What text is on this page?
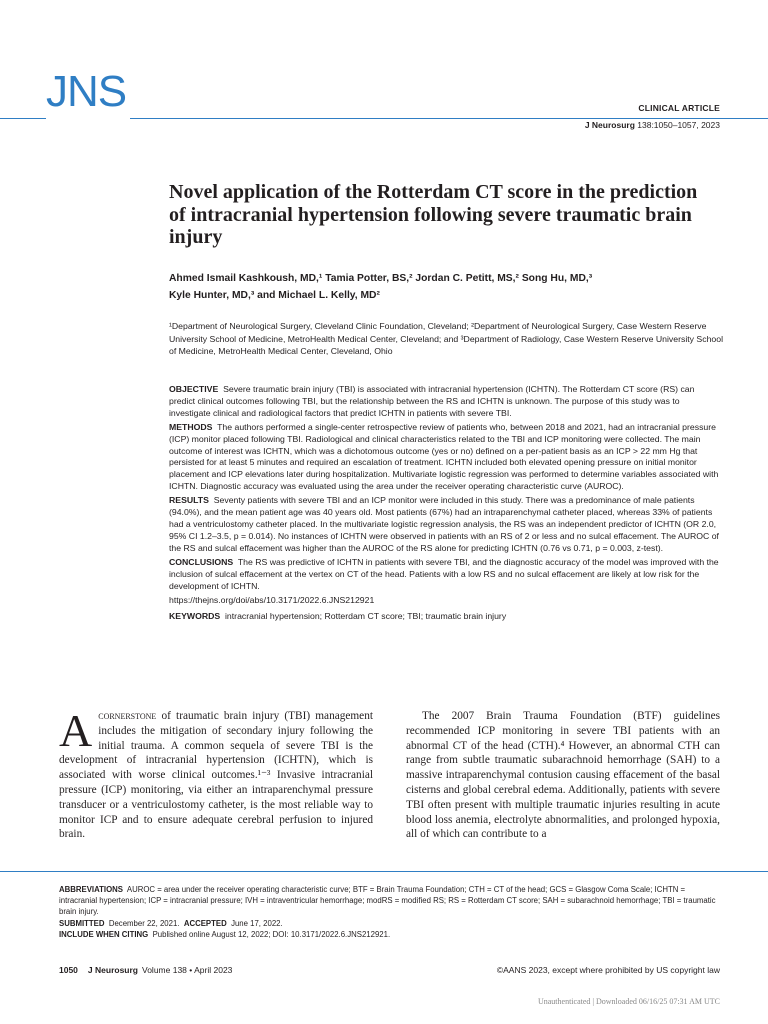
JNS	CLINICAL ARTICLE
J Neurosurg 138:1050–1057, 2023
Novel application of the Rotterdam CT score in the prediction of intracranial hypertension following severe traumatic brain injury
Ahmed Ismail Kashkoush, MD,¹ Tamia Potter, BS,² Jordan C. Petitt, MS,² Song Hu, MD,³
Kyle Hunter, MD,³ and Michael L. Kelly, MD²
¹Department of Neurological Surgery, Cleveland Clinic Foundation, Cleveland; ²Department of Neurological Surgery, Case Western Reserve University School of Medicine, MetroHealth Medical Center, Cleveland; and ³Department of Radiology, Case Western Reserve University School of Medicine, MetroHealth Medical Center, Cleveland, Ohio

OBJECTIVE Severe traumatic brain injury (TBI) is associated with intracranial hypertension (ICHTN). The Rotterdam CT score (RS) can predict clinical outcomes following TBI, but the relationship between the RS and ICHTN is unknown. The purpose of this study was to investigate clinical and radiological factors that predict ICHTN in patients with severe TBI.

METHODS The authors performed a single-center retrospective review of patients who, between 2018 and 2021, had an intracranial pressure (ICP) monitor placed following TBI. Radiological and clinical characteristics related to the TBI and ICP monitoring were collected. The main outcome of interest was ICHTN, which was a dichotomous outcome (yes or no) defined on a per-patient basis as an ICP > 22 mm Hg that persisted for at least 5 minutes and required an escalation of treatment. ICHTN included both elevated opening pressure on initial monitor placement and ICP elevations later during hospitalization. Multivariate logistic regression was performed to determine variables associated with ICHTN. Diagnostic accuracy was evaluated using the area under the receiver operating characteristic curve (AUROC).

RESULTS Seventy patients with severe TBI and an ICP monitor were included in this study. There was a predominance of male patients (94.0%), and the mean patient age was 40 years old. Most patients (67%) had an intraparenchymal catheter placed, whereas 33% of patients had a ventriculostomy catheter placed. In the multivariate logistic regression analysis, the RS was an independent predictor of ICHTN (OR 2.0, 95% CI 1.2–3.5, p = 0.014). No instances of ICHTN were observed in patients with an RS of 2 or less and no sulcal effacement. The AUROC of the RS and sulcal effacement was higher than the AUROC of the RS alone for predicting ICHTN (0.76 vs 0.71, p = 0.003, z-test).

CONCLUSIONS The RS was predictive of ICHTN in patients with severe TBI, and the diagnostic accuracy of the model was improved with the inclusion of sulcal effacement at the vertex on CT of the head. Patients with a low RS and no sulcal effacement are likely at low risk for the development of ICHTN.

https://thejns.org/doi/abs/10.3171/2022.6.JNS212921

KEYWORDS intracranial hypertension; Rotterdam CT score; TBI; traumatic brain injury

Acornerstone of traumatic brain injury (TBI) management includes the mitigation of secondary injury following the initial trauma. A common sequela of severe TBI is the development of intracranial hypertension (ICHTN), which is associated with worse clinical outcomes.¹⁻³ Invasive intracranial pressure (ICP) monitoring, via either an intraparenchymal pressure transducer or a ventriculostomy catheter, is the most reliable way to monitor ICP and to ensure adequate cerebral perfusion to injured brain.
The 2007 Brain Trauma Foundation (BTF) guidelines recommended ICP monitoring in severe TBI patients with an abnormal CT of the head (CTH).⁴ However, an abnormal CTH can range from subtle traumatic subarachnoid hemorrhage (SAH) to a massive intraparenchymal contusion causing effacement of the basal cisterns and global cerebral edema. Additionally, patients with severe TBI often present with multiple traumatic injuries resulting in acute blood loss anemia, electrolyte abnormalities, and prolonged hypoxia, all of which can contribute to a

ABBREVIATIONS AUROC = area under the receiver operating characteristic curve; BTF = Brain Trauma Foundation; CTH = CT of the head; GCS = Glasgow Coma Scale; ICHTN = intracranial hypertension; ICP = intracranial pressure; IVH = intraventricular hemorrhage; modRS = modified RS; RS = Rotterdam CT score; SAH = subarachnoid hemorrhage; TBI = traumatic brain injury.

SUBMITTED December 22, 2021. ACCEPTED June 17, 2022.

INCLUDE WHEN CITING Published online August 12, 2022; DOI: 10.3171/2022.6.JNS212921.

1050 J Neurosurg Volume 138 • April 2023	©AANS 2023, except where prohibited by US copyright law
Unauthenticated | Downloaded 06/16/25 07:31 AM UTC
